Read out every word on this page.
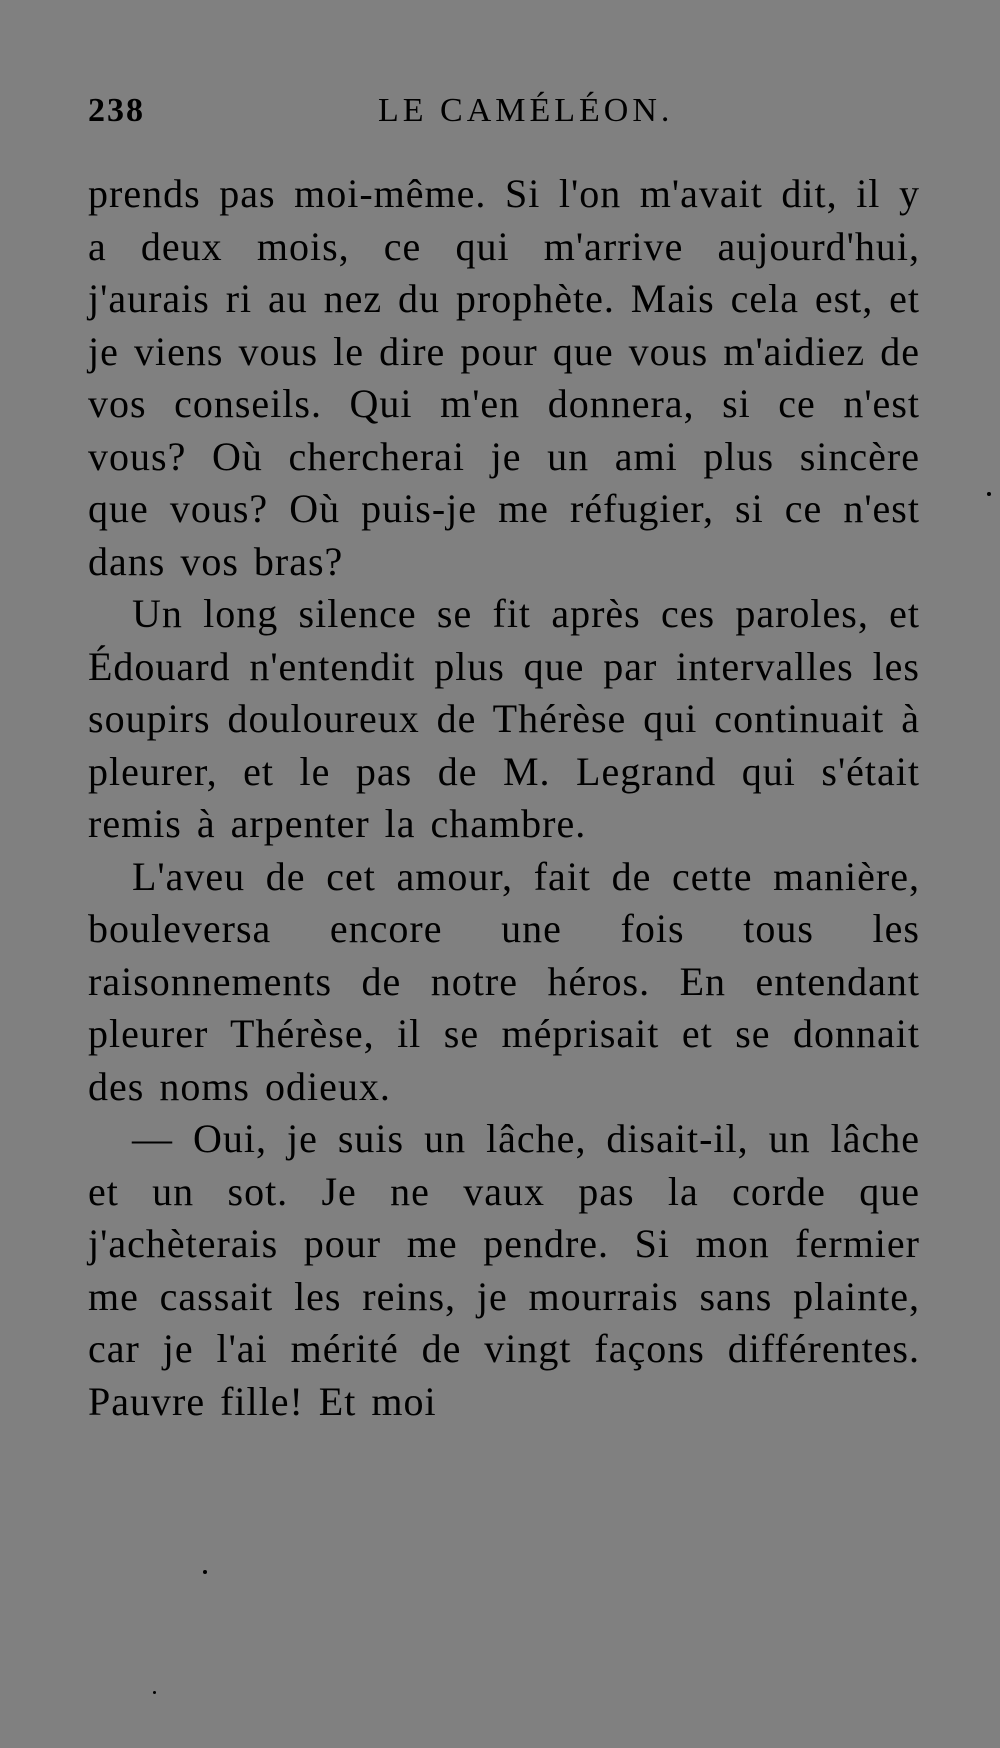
238	LE CAMÉLÉON.

prends pas moi-même. Si l'on m'avait dit, il y a deux mois, ce qui m'arrive aujourd'hui, j'aurais ri au nez du prophète. Mais cela est, et je viens vous le dire pour que vous m'aidiez de vos conseils. Qui m'en donnera, si ce n'est vous? Où chercherai je un ami plus sincère que vous? Où puis-je me réfugier, si ce n'est dans vos bras?

Un long silence se fit après ces paroles, et Édouard n'entendit plus que par intervalles les soupirs douloureux de Thérèse qui continuait à pleurer, et le pas de M. Legrand qui s'était remis à arpenter la chambre.

L'aveu de cet amour, fait de cette manière, bouleversa encore une fois tous les raisonnements de notre héros. En entendant pleurer Thérèse, il se méprisait et se donnait des noms odieux.

— Oui, je suis un lâche, disait-il, un lâche et un sot. Je ne vaux pas la corde que j'achèterais pour me pendre. Si mon fermier me cassait les reins, je mourrais sans plainte, car je l'ai mérité de vingt façons différentes. Pauvre fille! Et moi
